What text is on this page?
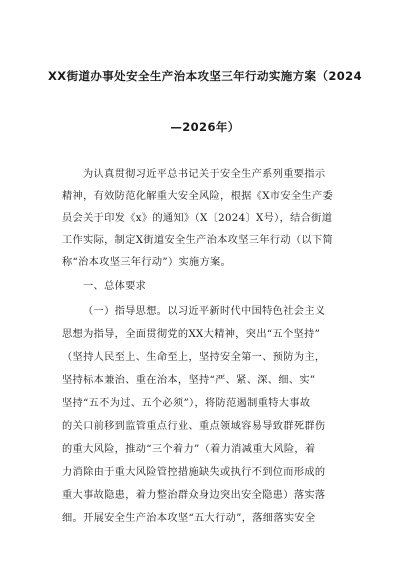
XX街道办事处安全生产治本攻坚三年行动实施方案（2024
—2026年）
为认真贯彻习近平总书记关于安全生产系列重要指示
精神，有效防范化解重大安全风险，根据《X市安全生产委
员会关于印发《x》的通知》（X〔2024〕X号），结合街道
工作实际，制定X街道安全生产治本攻坚三年行动（以下简
称“治本攻坚三年行动”）实施方案。
一、总体要求
（一）指导思想。以习近平新时代中国特色社会主义
思想为指导，全面贯彻党的XX大精神，突出“五个坚持”
（坚持人民至上、生命至上，坚持安全第一、预防为主，
坚持标本兼治、重在治本，坚持“严、紧、深、细、实”
坚持“五不为过、五个必须”），将防范遏制重特大事故
的关口前移到监管重点行业、重点领域容易导致群死群伤
的重大风险，推动“三个着力”（着力消减重大风险，着
力消除由于重大风险管控措施缺失或执行不到位而形成的
重大事故隐患，着力整治群众身边突出安全隐患）落实落
细。开展安全生产治本攻坚“五大行动”，落细落实安全
